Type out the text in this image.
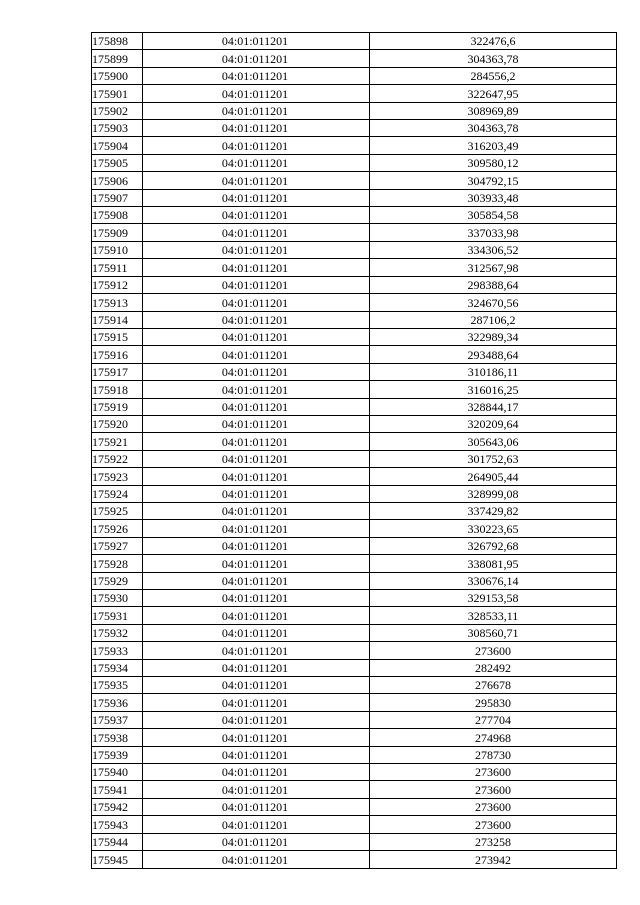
175898	04:01:011201	322476,6
175899	04:01:011201	304363,78
175900	04:01:011201	284556,2
175901	04:01:011201	322647,95
175902	04:01:011201	308969,89
175903	04:01:011201	304363,78
175904	04:01:011201	316203,49
175905	04:01:011201	309580,12
175906	04:01:011201	304792,15
175907	04:01:011201	303933,48
175908	04:01:011201	305854,58
175909	04:01:011201	337033,98
175910	04:01:011201	334306,52
175911	04:01:011201	312567,98
175912	04:01:011201	298388,64
175913	04:01:011201	324670,56
175914	04:01:011201	287106,2
175915	04:01:011201	322989,34
175916	04:01:011201	293488,64
175917	04:01:011201	310186,11
175918	04:01:011201	316016,25
175919	04:01:011201	328844,17
175920	04:01:011201	320209,64
175921	04:01:011201	305643,06
175922	04:01:011201	301752,63
175923	04:01:011201	264905,44
175924	04:01:011201	328999,08
175925	04:01:011201	337429,82
175926	04:01:011201	330223,65
175927	04:01:011201	326792,68
175928	04:01:011201	338081,95
175929	04:01:011201	330676,14
175930	04:01:011201	329153,58
175931	04:01:011201	328533,11
175932	04:01:011201	308560,71
175933	04:01:011201	273600
175934	04:01:011201	282492
175935	04:01:011201	276678
175936	04:01:011201	295830
175937	04:01:011201	277704
175938	04:01:011201	274968
175939	04:01:011201	278730
175940	04:01:011201	273600
175941	04:01:011201	273600
175942	04:01:011201	273600
175943	04:01:011201	273600
175944	04:01:011201	273258
175945	04:01:011201	273942
